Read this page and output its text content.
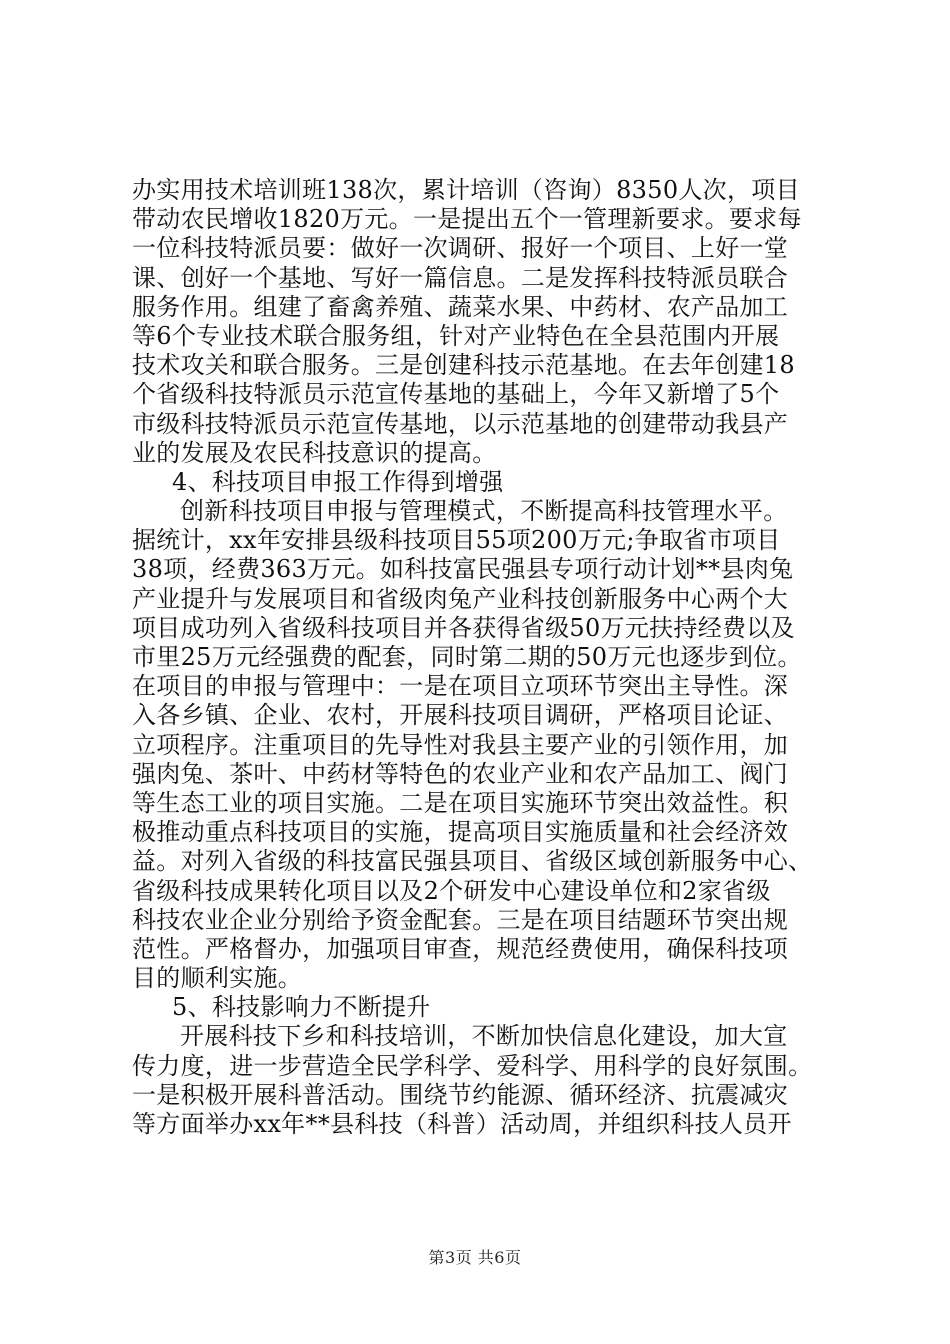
办实用技术培训班138次，累计培训（咨询）8350人次，项目
带动农民增收1820万元。一是提出五个一管理新要求。要求每
一位科技特派员要：做好一次调研、报好一个项目、上好一堂
课、创好一个基地、写好一篇信息。二是发挥科技特派员联合
服务作用。组建了畜禽养殖、蔬菜水果、中药材、农产品加工
等6个专业技术联合服务组，针对产业特色在全县范围内开展
技术攻关和联合服务。三是创建科技示范基地。在去年创建18
个省级科技特派员示范宣传基地的基础上，今年又新增了5个
市级科技特派员示范宣传基地，以示范基地的创建带动我县产
业的发展及农民科技意识的提高。
4、科技项目申报工作得到增强
创新科技项目申报与管理模式，不断提高科技管理水平。
据统计，xx年安排县级科技项目55项200万元;争取省市项目
38项，经费363万元。如科技富民强县专项行动计划**县肉兔
产业提升与发展项目和省级肉兔产业科技创新服务中心两个大
项目成功列入省级科技项目并各获得省级50万元扶持经费以及
市里25万元经强费的配套，同时第二期的50万元也逐步到位。
在项目的申报与管理中：一是在项目立项环节突出主导性。深
入各乡镇、企业、农村，开展科技项目调研，严格项目论证、
立项程序。注重项目的先导性对我县主要产业的引领作用，加
强肉兔、茶叶、中药材等特色的农业产业和农产品加工、阀门
等生态工业的项目实施。二是在项目实施环节突出效益性。积
极推动重点科技项目的实施，提高项目实施质量和社会经济效
益。对列入省级的科技富民强县项目、省级区域创新服务中心、
省级科技成果转化项目以及2个研发中心建设单位和2家省级
科技农业企业分别给予资金配套。三是在项目结题环节突出规
范性。严格督办，加强项目审查，规范经费使用，确保科技项
目的顺利实施。
5、科技影响力不断提升
开展科技下乡和科技培训，不断加快信息化建设，加大宣
传力度，进一步营造全民学科学、爱科学、用科学的良好氛围。
一是积极开展科普活动。围绕节约能源、循环经济、抗震减灾
等方面举办xx年**县科技（科普）活动周，并组织科技人员开
第3页 共6页
